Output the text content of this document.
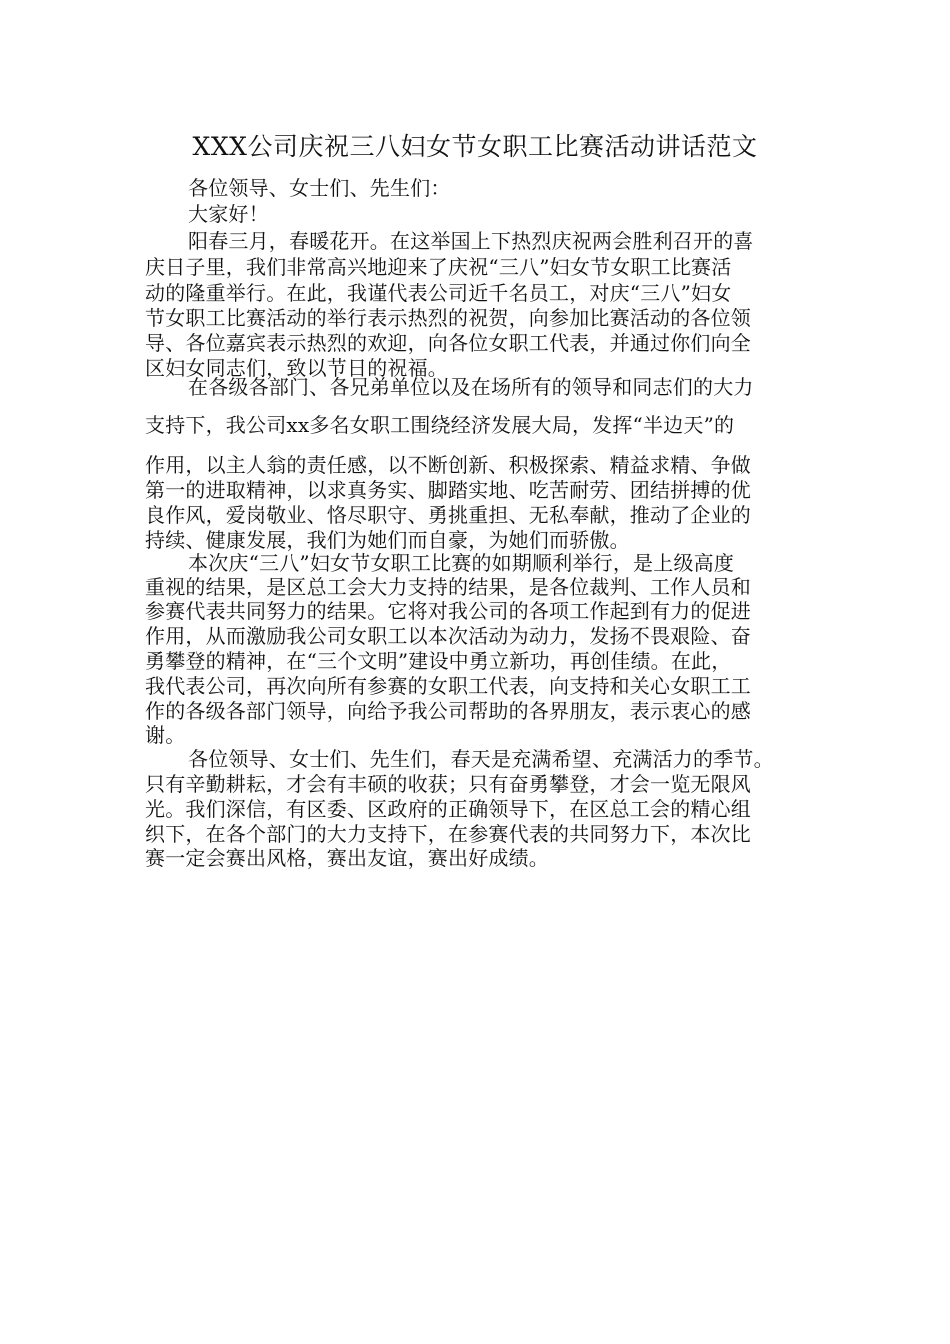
XXX公司庆祝三八妇女节女职工比赛活动讲话范文
各位领导、女士们、先生们：
大家好！
阳春三月，春暖花开。在这举国上下热烈庆祝两会胜利召开的喜
庆日子里，我们非常高兴地迎来了庆祝“三八”妇女节女职工比赛活
动的隆重举行。在此，我谨代表公司近千名员工，对庆“三八”妇女
节女职工比赛活动的举行表示热烈的祝贺，向参加比赛活动的各位领
导、各位嘉宾表示热烈的欢迎，向各位女职工代表，并通过你们向全
区妇女同志们，致以节日的祝福。
在各级各部门、各兄弟单位以及在场所有的领导和同志们的大力
支持下，我公司xx多名女职工围绕经济发展大局，发挥“半边天”的
作用，以主人翁的责任感，以不断创新、积极探索、精益求精、争做
第一的进取精神，以求真务实、脚踏实地、吃苦耐劳、团结拼搏的优
良作风，爱岗敬业、恪尽职守、勇挑重担、无私奉献，推动了企业的
持续、健康发展，我们为她们而自豪，为她们而骄傲。
本次庆“三八”妇女节女职工比赛的如期顺利举行，是上级高度
重视的结果，是区总工会大力支持的结果，是各位裁判、工作人员和
参赛代表共同努力的结果。它将对我公司的各项工作起到有力的促进
作用，从而激励我公司女职工以本次活动为动力，发扬不畏艰险、奋
勇攀登的精神，在“三个文明”建设中勇立新功，再创佳绩。在此，
我代表公司，再次向所有参赛的女职工代表，向支持和关心女职工工
作的各级各部门领导，向给予我公司帮助的各界朋友，表示衷心的感
谢。
各位领导、女士们、先生们，春天是充满希望、充满活力的季节。
只有辛勤耕耘，才会有丰硕的收获；只有奋勇攀登，才会一览无限风
光。我们深信，有区委、区政府的正确领导下，在区总工会的精心组
织下，在各个部门的大力支持下，在参赛代表的共同努力下，本次比
赛一定会赛出风格，赛出友谊，赛出好成绩。
